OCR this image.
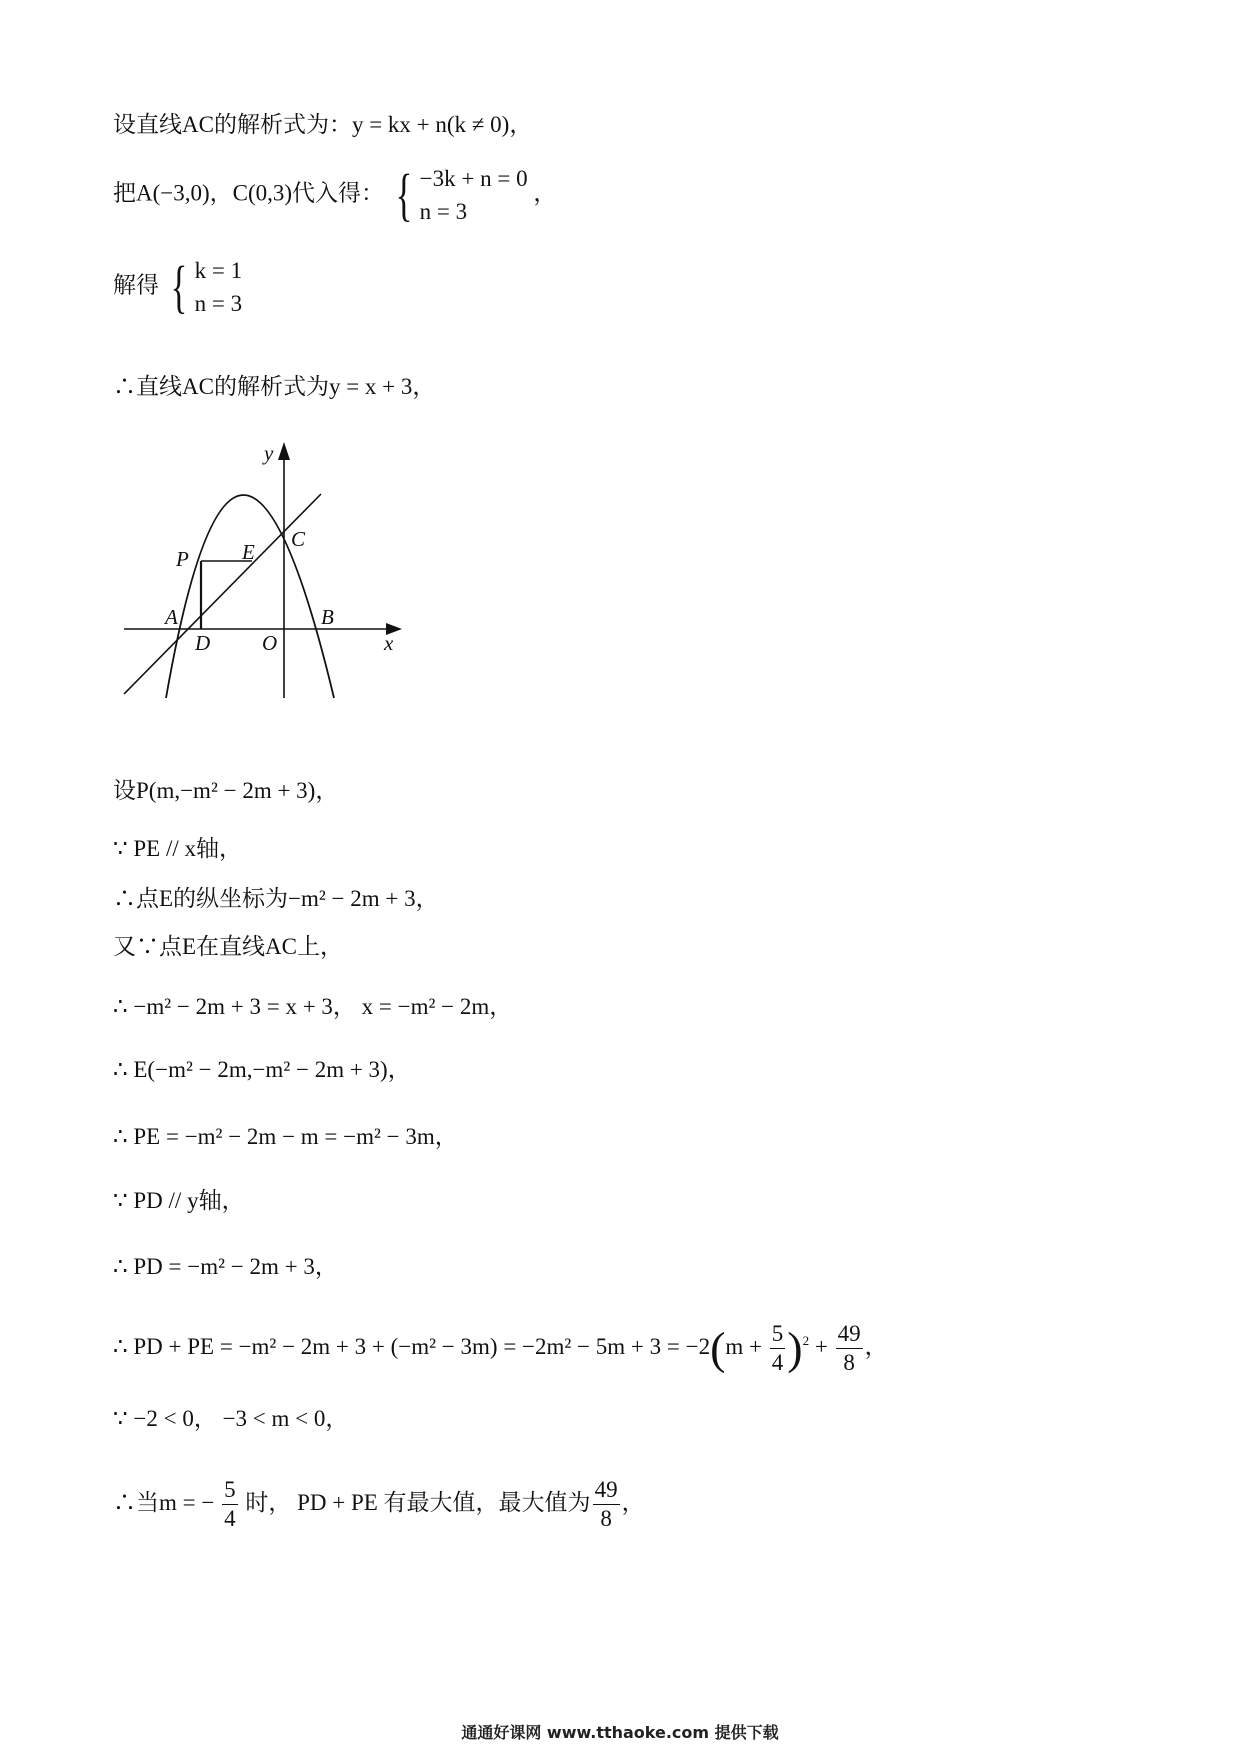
设直线AC的解析式为：y = kx + n(k ≠ 0)，
把A(−3,0)，C(0,3)代入得： { −3k + n = 0
n = 3
，
解得 { k = 1
n = 3
∴直线AC的解析式为y = x + 3，
y
x
C
P	E
A
D O
B
设P(m,−m² − 2m + 3)，
∵ PE // x轴，
∴点E的纵坐标为−m² − 2m + 3，
又∵点E在直线AC上，
∴ −m² − 2m + 3 = x + 3， x = −m² − 2m，
∴ E(−m² − 2m,−m² − 2m + 3)，
∴ PE = −m² − 2m − m = −m² − 3m，
∵ PD // y轴，
∴ PD = −m² − 2m + 3，
∴ PD + PE = $-m^2 - 2m + 3 + (-m^2 - 3m) = -2m^2 - 5m + 3 = -2(m + \frac{5}{4} )^2 + \frac{49}{8}$ ，
∵ −2 < 0， −3 < m < 0，
∴当m = − $\frac{5}{4}$ 时， PD + PE 有最大值，最大值为 $\frac{49}{8}$ ，
通通好课网 www.tthaoke.com 提供下载
